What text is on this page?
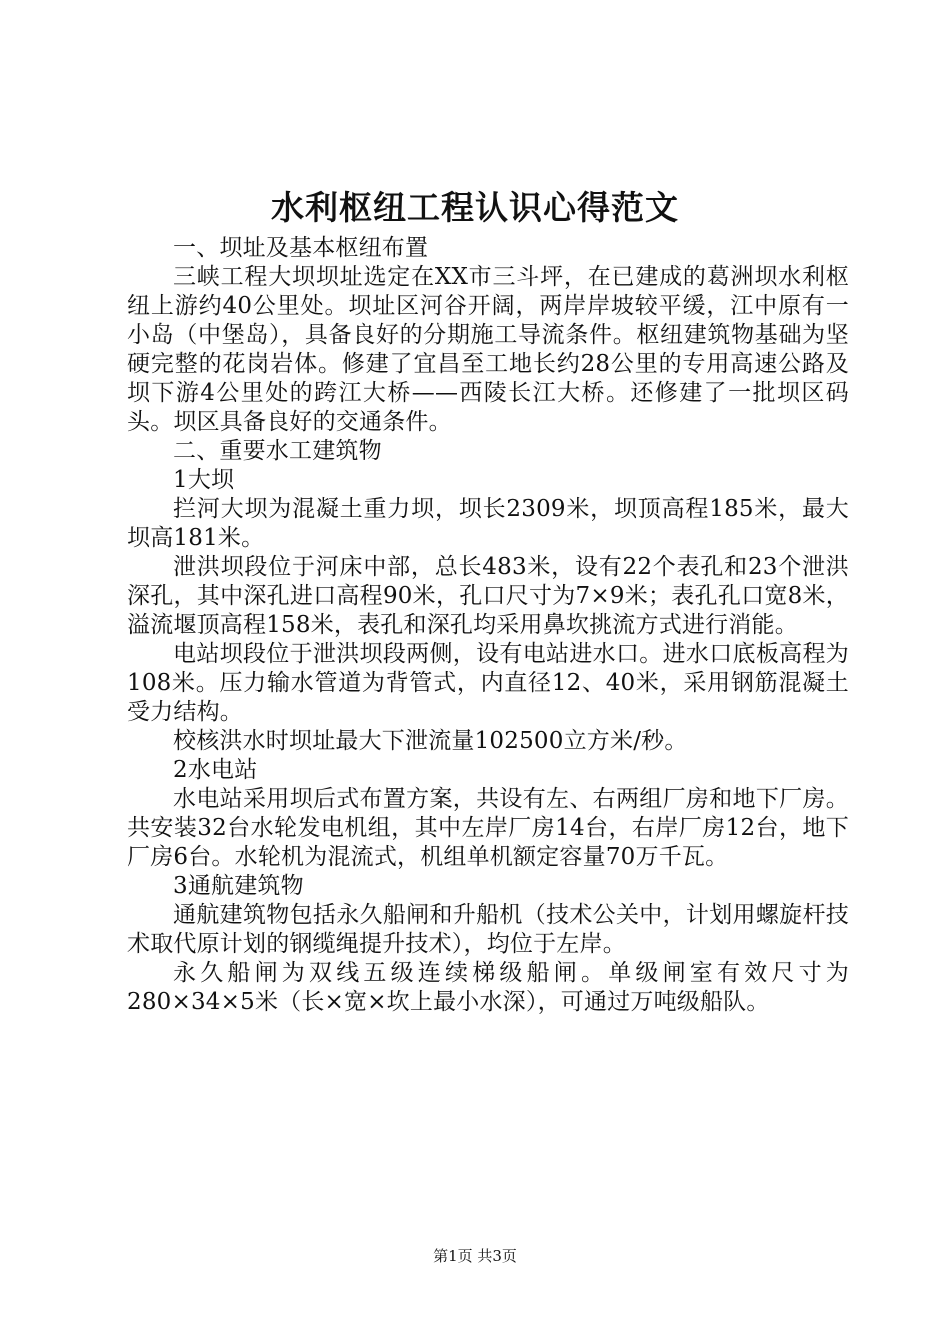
水利枢纽工程认识心得范文

一、坝址及基本枢纽布置

三峡工程大坝坝址选定在XX市三斗坪，在已建成的葛洲坝水利枢纽上游约40公里处。坝址区河谷开阔，两岸岸坡较平缓，江中原有一小岛（中堡岛），具备良好的分期施工导流条件。枢纽建筑物基础为坚硬完整的花岗岩体。修建了宜昌至工地长约28公里的专用高速公路及坝下游4公里处的跨江大桥——西陵长江大桥。还修建了一批坝区码头。坝区具备良好的交通条件。

二、重要水工建筑物

1大坝

拦河大坝为混凝土重力坝，坝长2309米，坝顶高程185米，最大坝高181米。

泄洪坝段位于河床中部，总长483米，设有22个表孔和23个泄洪深孔，其中深孔进口高程90米，孔口尺寸为7×9米；表孔孔口宽8米，溢流堰顶高程158米，表孔和深孔均采用鼻坎挑流方式进行消能。

电站坝段位于泄洪坝段两侧，设有电站进水口。进水口底板高程为108米。压力输水管道为背管式，内直径12、40米，采用钢筋混凝土受力结构。

校核洪水时坝址最大下泄流量102500立方米/秒。

2水电站

水电站采用坝后式布置方案，共设有左、右两组厂房和地下厂房。共安装32台水轮发电机组，其中左岸厂房14台，右岸厂房12台，地下厂房6台。水轮机为混流式，机组单机额定容量70万千瓦。

3通航建筑物

通航建筑物包括永久船闸和升船机（技术公关中，计划用螺旋杆技术取代原计划的钢缆绳提升技术），均位于左岸。

永久船闸为双线五级连续梯级船闸。单级闸室有效尺寸为280×34×5米（长×宽×坎上最小水深），可通过万吨级船队。

第1页 共3页
